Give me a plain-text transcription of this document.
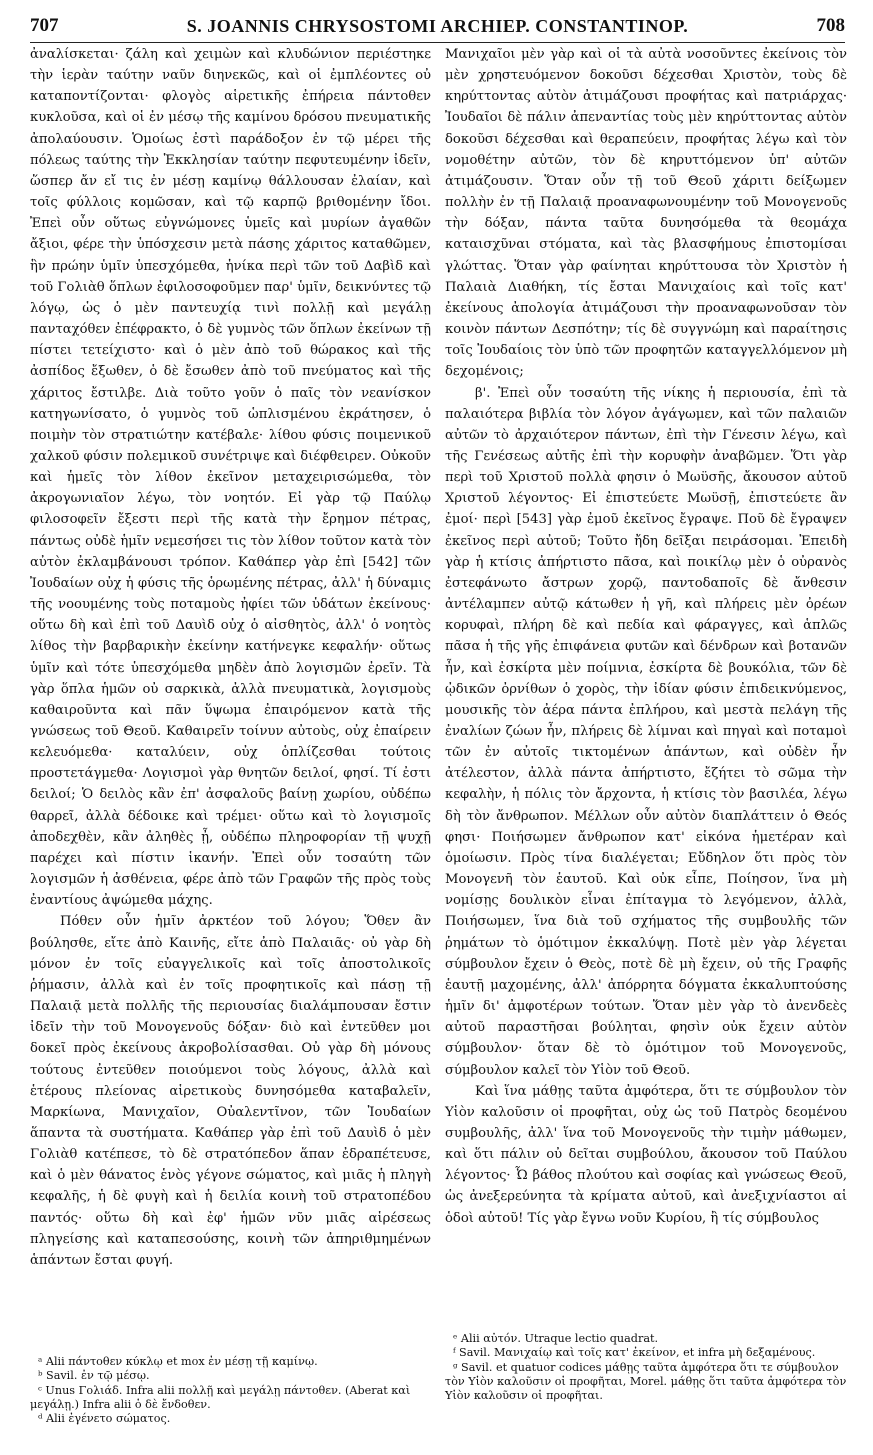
707	S. JOANNIS CHRYSOSTOMI ARCHIEP. CONSTANTINOP.	708

ἀναλίσκεται· ζάλη καὶ χειμὼν καὶ κλυδώνιον περιέστηκε τὴν ἱερὰν ταύτην ναῦν διηνεκῶς, καὶ οἱ ἐμπλέοντες οὐ καταποντίζονται· φλογὸς αἱρετικῆς ἐπήρεια πάντοθεν κυκλοῦσα, καὶ οἱ ἐν μέσῳ τῆς καμίνου δρόσου πνευματικῆς ἀπολαύουσιν. Ὁμοίως ἐστὶ παράδοξον ἐν τῷ μέρει τῆς πόλεως ταύτης τὴν Ἐκκλησίαν ταύτην πεφυτευμένην ἰδεῖν, ὥσπερ ἄν εἴ τις ἐν μέσῃ καμίνῳ θάλλουσαν ἐλαίαν, καὶ τοῖς φύλλοις κομῶσαν, καὶ τῷ καρπῷ βριθομένην ἴδοι. Ἐπεὶ οὖν οὕτως εὐγνώμονες ὑμεῖς καὶ μυρίων ἀγαθῶν ἄξιοι, φέρε τὴν ὑπόσχεσιν μετὰ πάσης χάριτος καταθῶμεν, ἣν πρώην ὑμῖν ὑπεσχόμεθα, ἡνίκα περὶ τῶν τοῦ Δαβὶδ καὶ τοῦ Γολιὰθ ὅπλων ἐφιλοσοφοῦμεν παρ' ὑμῖν, δεικνύντες τῷ λόγῳ, ὡς ὁ μὲν παντευχίᾳ τινὶ πολλῇ καὶ μεγάλῃ πανταχόθεν ἐπέφρακτο, ὁ δὲ γυμνὸς τῶν ὅπλων ἐκείνων τῇ πίστει τετείχιστο· καὶ ὁ μὲν ἀπὸ τοῦ θώρακος καὶ τῆς ἀσπίδος ἔξωθεν, ὁ δὲ ἔσωθεν ἀπὸ τοῦ πνεύματος καὶ τῆς χάριτος ἔστιλβε. Διὰ τοῦτο γοῦν ὁ παῖς τὸν νεανίσκον κατηγωνίσατο, ὁ γυμνὸς τοῦ ὡπλισμένου ἐκράτησεν, ὁ ποιμὴν τὸν στρατιώτην κατέβαλε· λίθου φύσις ποιμενικοῦ χαλκοῦ φύσιν πολεμικοῦ συνέτριψε καὶ διέφθειρεν. Οὐκοῦν καὶ ἡμεῖς τὸν λίθον ἐκεῖνον μεταχειρισώμεθα, τὸν ἀκρογωνιαῖον λέγω, τὸν νοητόν. Εἰ γὰρ τῷ Παύλῳ φιλοσοφεῖν ἔξεστι περὶ τῆς κατὰ τὴν ἔρημον πέτρας, πάντως οὐδὲ ἡμῖν νεμεσήσει τις τὸν λίθον τοῦτον κατὰ τὸν αὐτὸν ἐκλαμβάνουσι τρόπον. Καθάπερ γὰρ ἐπὶ [542] τῶν Ἰουδαίων οὐχ ἡ φύσις τῆς ὁρωμένης πέτρας, ἀλλ' ἡ δύναμις τῆς νοουμένης τοὺς ποταμοὺς ἠφίει τῶν ὑδάτων ἐκείνους· οὕτω δὴ καὶ ἐπὶ τοῦ Δαυὶδ οὐχ ὁ αἰσθητὸς, ἀλλ' ὁ νοητὸς λίθος τὴν βαρβαρικὴν ἐκείνην κατήνεγκε κεφαλήν· οὕτως ὑμῖν καὶ τότε ὑπεσχόμεθα μηδὲν ἀπὸ λογισμῶν ἐρεῖν. Τὰ γὰρ ὅπλα ἡμῶν οὐ σαρκικὰ, ἀλλὰ πνευματικὰ, λογισμοὺς καθαιροῦντα καὶ πᾶν ὕψωμα ἐπαιρόμενον κατὰ τῆς γνώσεως τοῦ Θεοῦ. Καθαιρεῖν τοίνυν αὐτοὺς, οὐχ ἐπαίρειν κελευόμεθα· καταλύειν, οὐχ ὁπλίζεσθαι τούτοις προστετάγμεθα· Λογισμοὶ γὰρ θνητῶν δειλοί, φησί. Τί ἐστι δειλοί; Ὁ δειλὸς κἂν ἐπ' ἀσφαλοῦς βαίνῃ χωρίου, οὐδέπω θαρρεῖ, ἀλλὰ δέδοικε καὶ τρέμει· οὕτω καὶ τὸ λογισμοῖς ἀποδεχθὲν, κἂν ἀληθὲς ᾖ, οὐδέπω πληροφορίαν τῇ ψυχῇ παρέχει καὶ πίστιν ἱκανήν. Ἐπεὶ οὖν τοσαύτη τῶν λογισμῶν ἡ ἀσθένεια, φέρε ἀπὸ τῶν Γραφῶν τῆς πρὸς τοὺς ἐναντίους ἀψώμεθα μάχης.

Πόθεν οὖν ἡμῖν ἀρκτέον τοῦ λόγου; Ὅθεν ἂν βούλησθε, εἴτε ἀπὸ Καινῆς, εἴτε ἀπὸ Παλαιᾶς· οὐ γὰρ δὴ μόνον ἐν τοῖς εὐαγγελικοῖς καὶ τοῖς ἀποστολικοῖς ῥήμασιν, ἀλλὰ καὶ ἐν τοῖς προφητικοῖς καὶ πάσῃ τῇ Παλαιᾷ μετὰ πολλῆς τῆς περιουσίας διαλάμπουσαν ἔστιν ἰδεῖν τὴν τοῦ Μονογενοῦς δόξαν· διὸ καὶ ἐντεῦθεν μοι δοκεῖ πρὸς ἐκείνους ἀκροβολίσασθαι. Οὐ γὰρ δὴ μόνους τούτους ἐντεῦθεν ποιούμενοι τοὺς λόγους, ἀλλὰ καὶ ἑτέρους πλείονας αἱρετικοὺς δυνησόμεθα καταβαλεῖν, Μαρκίωνα, Μανιχαῖον, Οὐαλεντῖνον, τῶν Ἰουδαίων ἅπαντα τὰ συστήματα. Καθάπερ γὰρ ἐπὶ τοῦ Δαυὶδ ὁ μὲν Γολιὰθ κατέπεσε, τὸ δὲ στρατόπεδον ἅπαν ἐδραπέτευσε, καὶ ὁ μὲν θάνατος ἑνὸς γέγονε σώματος, καὶ μιᾶς ἡ πληγὴ κεφαλῆς, ἡ δὲ φυγὴ καὶ ἡ δειλία κοινὴ τοῦ στρατοπέδου παντός· οὕτω δὴ καὶ ἐφ' ἡμῶν νῦν μιᾶς αἱρέσεως πληγείσης καὶ καταπεσούσης, κοινὴ τῶν ἀπηριθμημένων ἁπάντων ἔσται φυγή.

Μανιχαῖοι μὲν γὰρ καὶ οἱ τὰ αὐτὰ νοσοῦντες ἐκείνοις τὸν μὲν χρηστευόμενον δοκοῦσι δέχεσθαι Χριστὸν, τοὺς δὲ κηρύττοντας αὐτὸν ἀτιμάζουσι προφήτας καὶ πατριάρχας· Ἰουδαῖοι δὲ πάλιν ἀπεναντίας τοὺς μὲν κηρύττοντας αὐτὸν δοκοῦσι δέχεσθαι καὶ θεραπεύειν, προφήτας λέγω καὶ τὸν νομοθέτην αὐτῶν, τὸν δὲ κηρυττόμενον ὑπ' αὐτῶν ἀτιμάζουσιν. Ὅταν οὖν τῇ τοῦ Θεοῦ χάριτι δείξωμεν πολλὴν ἐν τῇ Παλαιᾷ προαναφωνουμένην τοῦ Μονογενοῦς τὴν δόξαν, πάντα ταῦτα δυνησόμεθα τὰ θεομάχα καταισχῦναι στόματα, καὶ τὰς βλασφήμους ἐπιστομίσαι γλώττας. Ὅταν γὰρ φαίνηται κηρύττουσα τὸν Χριστὸν ἡ Παλαιὰ Διαθήκη, τίς ἔσται Μανιχαίοις καὶ τοῖς κατ' ἐκείνους ἀπολογία ἀτιμάζουσι τὴν προαναφωνοῦσαν τὸν κοινὸν πάντων Δεσπότην; τίς δὲ συγγνώμη καὶ παραίτησις τοῖς Ἰουδαίοις τὸν ὑπὸ τῶν προφητῶν καταγγελλόμενον μὴ δεχομένοις;

β'. Ἐπεὶ οὖν τοσαύτη τῆς νίκης ἡ περιουσία, ἐπὶ τὰ παλαιότερα βιβλία τὸν λόγον ἀγάγωμεν, καὶ τῶν παλαιῶν αὐτῶν τὸ ἀρχαιότερον πάντων, ἐπὶ τὴν Γένεσιν λέγω, καὶ τῆς Γενέσεως αὐτῆς ἐπὶ τὴν κορυφὴν ἀναβῶμεν. Ὅτι γὰρ περὶ τοῦ Χριστοῦ πολλὰ φησιν ὁ Μωϋσῆς, ἄκουσον αὐτοῦ Χριστοῦ λέγοντος· Εἰ ἐπιστεύετε Μωϋσῇ, ἐπιστεύετε ἂν ἐμοί· περὶ [543] γὰρ ἐμοῦ ἐκεῖνος ἔγραψε. Ποῦ δὲ ἔγραψεν ἐκεῖνος περὶ αὐτοῦ; Τοῦτο ἤδη δεῖξαι πειράσομαι. Ἐπειδὴ γὰρ ἡ κτίσις ἀπήρτιστο πᾶσα, καὶ ποικίλῳ μὲν ὁ οὐρανὸς ἐστεφάνωτο ἄστρων χορῷ, παντοδαποῖς δὲ ἄνθεσιν ἀντέλαμπεν αὐτῷ κάτωθεν ἡ γῆ, καὶ πλήρεις μὲν ὀρέων κορυφαὶ, πλήρη δὲ καὶ πεδία καὶ φάραγγες, καὶ ἁπλῶς πᾶσα ἡ τῆς γῆς ἐπιφάνεια φυτῶν καὶ δένδρων καὶ βοτανῶν ἦν, καὶ ἐσκίρτα μὲν ποίμνια, ἐσκίρτα δὲ βουκόλια, τῶν δὲ ᾠδικῶν ὀρνίθων ὁ χορὸς, τὴν ἰδίαν φύσιν ἐπιδεικνύμενος, μουσικῆς τὸν ἀέρα πάντα ἐπλήρου, καὶ μεστὰ πελάγη τῆς ἐναλίων ζώων ἦν, πλήρεις δὲ λίμναι καὶ πηγαὶ καὶ ποταμοὶ τῶν ἐν αὐτοῖς τικτομένων ἁπάντων, καὶ οὐδὲν ἦν ἀτέλεστον, ἀλλὰ πάντα ἀπήρτιστο, ἔζήτει τὸ σῶμα τὴν κεφαλὴν, ἡ πόλις τὸν ἄρχοντα, ἡ κτίσις τὸν βασιλέα, λέγω δὴ τὸν ἄνθρωπον. Μέλλων οὖν αὐτὸν διαπλάττειν ὁ Θεός φησι· Ποιήσωμεν ἄνθρωπον κατ' εἰκόνα ἡμετέραν καὶ ὁμοίωσιν. Πρὸς τίνα διαλέγεται; Εὔδηλον ὅτι πρὸς τὸν Μονογενῆ τὸν ἑαυτοῦ. Καὶ οὐκ εἶπε, Ποίησον, ἵνα μὴ νομίσῃς δουλικὸν εἶναι ἐπίταγμα τὸ λεγόμενον, ἀλλὰ, Ποιήσωμεν, ἵνα διὰ τοῦ σχήματος τῆς συμβουλῆς τῶν ῥημάτων τὸ ὁμότιμον ἐκκαλύψῃ. Ποτὲ μὲν γὰρ λέγεται σύμβουλον ἔχειν ὁ Θεὸς, ποτὲ δὲ μὴ ἔχειν, οὐ τῆς Γραφῆς ἑαυτῇ μαχομένης, ἀλλ' ἀπόρρητα δόγματα ἐκκαλυπτούσης ἡμῖν δι' ἀμφοτέρων τούτων. Ὅταν μὲν γὰρ τὸ ἀνενδεὲς αὐτοῦ παραστῆσαι βούληται, φησὶν οὐκ ἔχειν αὐτὸν σύμβουλον· ὅταν δὲ τὸ ὁμότιμον τοῦ Μονογενοῦς, σύμβουλον καλεῖ τὸν Υἱὸν τοῦ Θεοῦ.

Καὶ ἵνα μάθῃς ταῦτα ἀμφότερα, ὅτι τε σύμβουλον τὸν Υἱὸν καλοῦσιν οἱ προφῆται, οὐχ ὡς τοῦ Πατρὸς δεομένου συμβουλῆς, ἀλλ' ἵνα τοῦ Μονογενοῦς τὴν τιμὴν μάθωμεν, καὶ ὅτι πάλιν οὐ δεῖται συμβούλου, ἄκουσον τοῦ Παύλου λέγοντος· Ὦ βάθος πλούτου καὶ σοφίας καὶ γνώσεως Θεοῦ, ὡς ἀνεξερεύνητα τὰ κρίματα αὐτοῦ, καὶ ἀνεξιχνίαστοι αἱ ὁδοὶ αὐτοῦ! Τίς γὰρ ἔγνω νοῦν Κυρίου, ἢ τίς σύμβουλος

ᵃ Alii πάντοθεν κύκλῳ et mox ἐν μέσῃ τῇ καμίνῳ.

ᵇ Savil. ἐν τῷ μέσῳ.

ᶜ Unus Γολιάδ. Infra alii πολλῇ καὶ μεγάλῃ πάντοθεν. (Aberat καὶ μεγάλῃ.) Infra alii ὁ δὲ ἔνδοθεν.

ᵈ Alii ἐγένετο σώματος.

ᵉ Alii αὐτόν. Utraque lectio quadrat.

ᶠ Savil. Μανιχαίῳ καὶ τοῖς κατ' ἐκείνον, et infra μὴ δεξαμένους.

ᵍ Savil. et quatuor codices μάθῃς ταῦτα ἀμφότερα ὅτι τε σύμβουλον τὸν Υἱὸν καλοῦσιν οἱ προφῆται, Morel. μάθῃς ὅτι ταῦτα ἀμφότερα τὸν Υἱὸν καλοῦσιν οἱ προφῆται.
